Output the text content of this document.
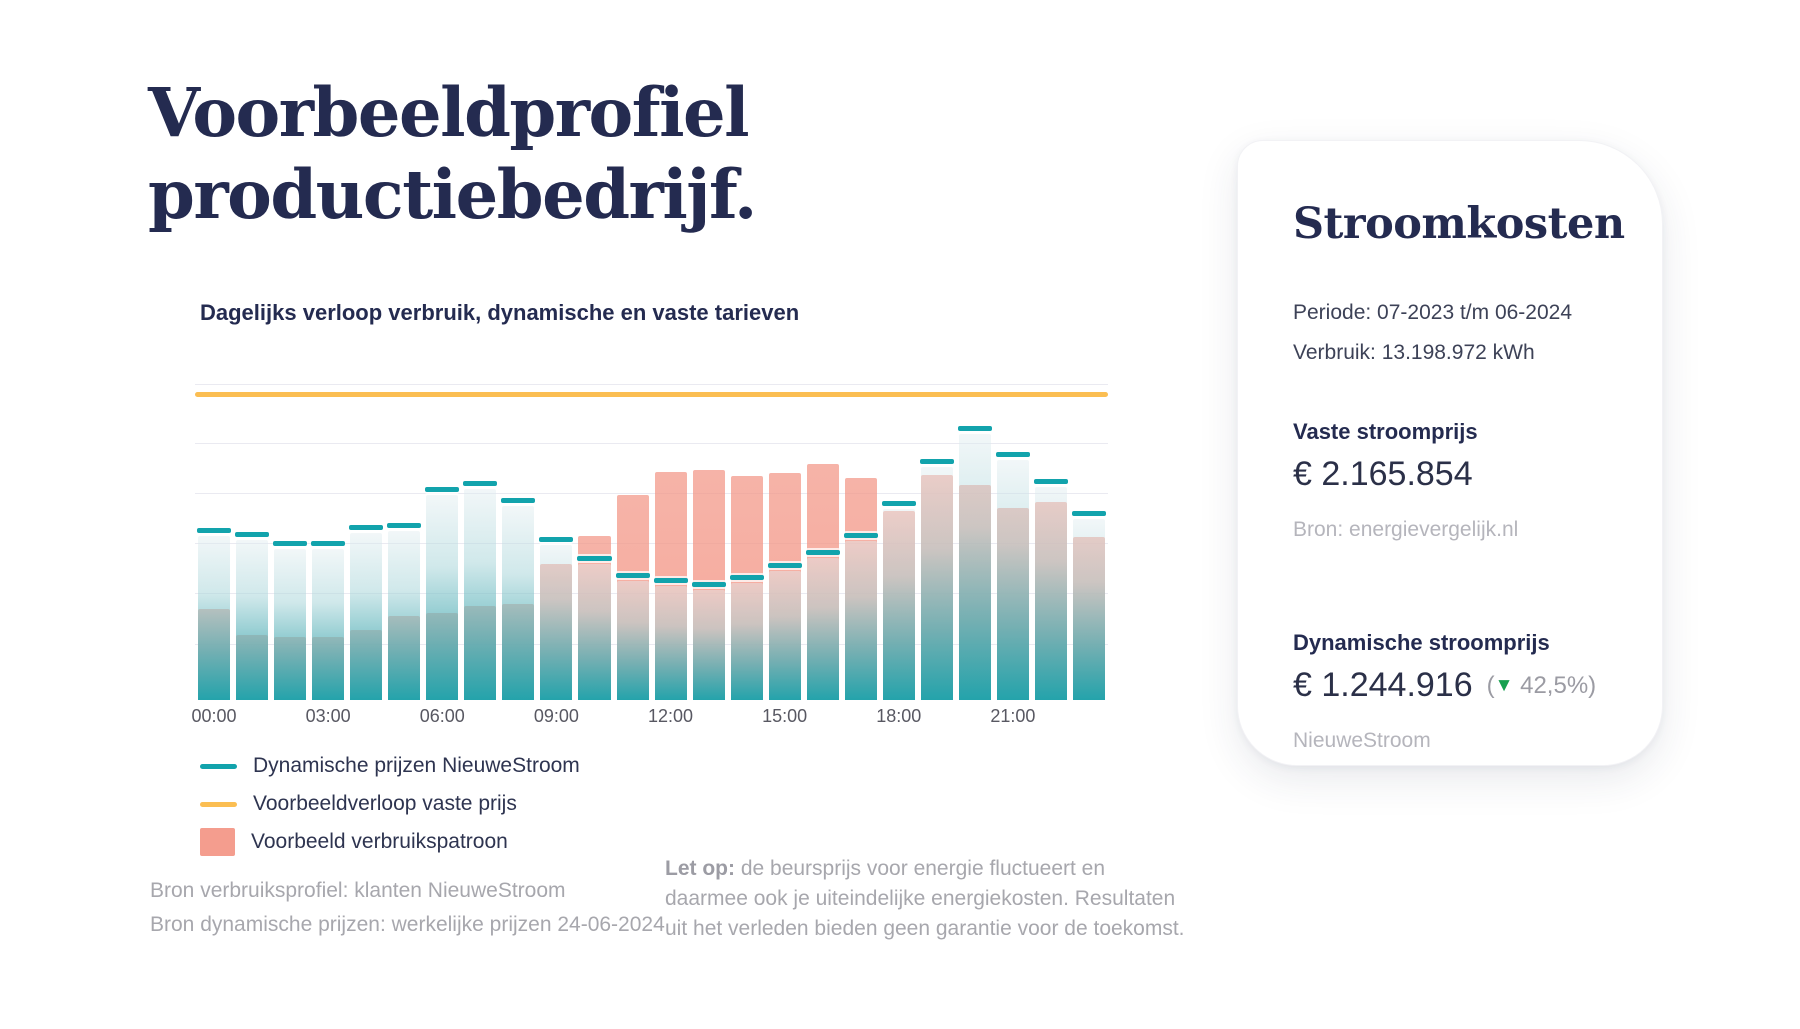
Voorbeeldprofiel
productiebedrijf.
Dagelijks verloop verbruik, dynamische en vaste tarieven
00:00	03:00	06:00	09:00	12:00	15:00	18:00	21:00
Dynamische prijzen NieuweStroom
Voorbeeldverloop vaste prijs
Voorbeeld verbruikspatroon
Bron verbruiksprofiel: klanten NieuweStroom
Bron dynamische prijzen: werkelijke prijzen 24-06-2024
Let op: de beursprijs voor energie fluctueert en daarmee ook je uiteindelijke energiekosten. Resultaten uit het verleden bieden geen garantie voor de toekomst.
Stroomkosten
Periode: 07-2023 t/m 06-2024
Verbruik: 13.198.972 kWh
Vaste stroomprijs
€ 2.165.854
Bron: energievergelijk.nl
Dynamische stroomprijs
€ 1.244.916 (▼ 42,5%)
NieuweStroom
